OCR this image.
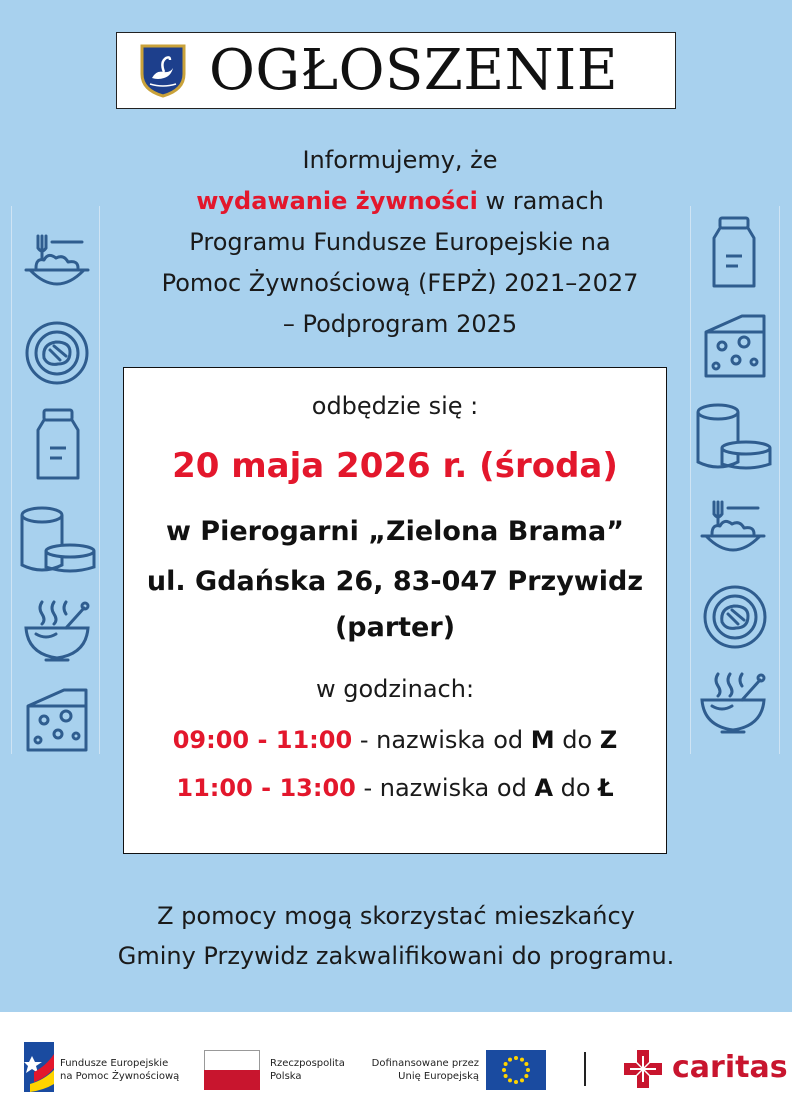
OGŁOSZENIE
Informujemy, że
wydawanie żywności w ramach
Programu Fundusze Europejskie na
Pomoc Żywnościową (FEPŻ) 2021–2027
– Podprogram 2025
odbędzie się :
20 maja 2026 r. (środa)
w Pierogarni „Zielona Brama”
ul. Gdańska 26, 83-047 Przywidz
(parter)
w godzinach:
09:00 - 11:00 - nazwiska od M do Z
11:00 - 13:00 - nazwiska od A do Ł
Z pomocy mogą skorzystać mieszkańcy
Gminy Przywidz zakwalifikowani do programu.
Fundusze Europejskie
na Pomoc Żywnościową
Rzeczpospolita
Polska
Dofinansowane przez
Unię Europejską	caritas
